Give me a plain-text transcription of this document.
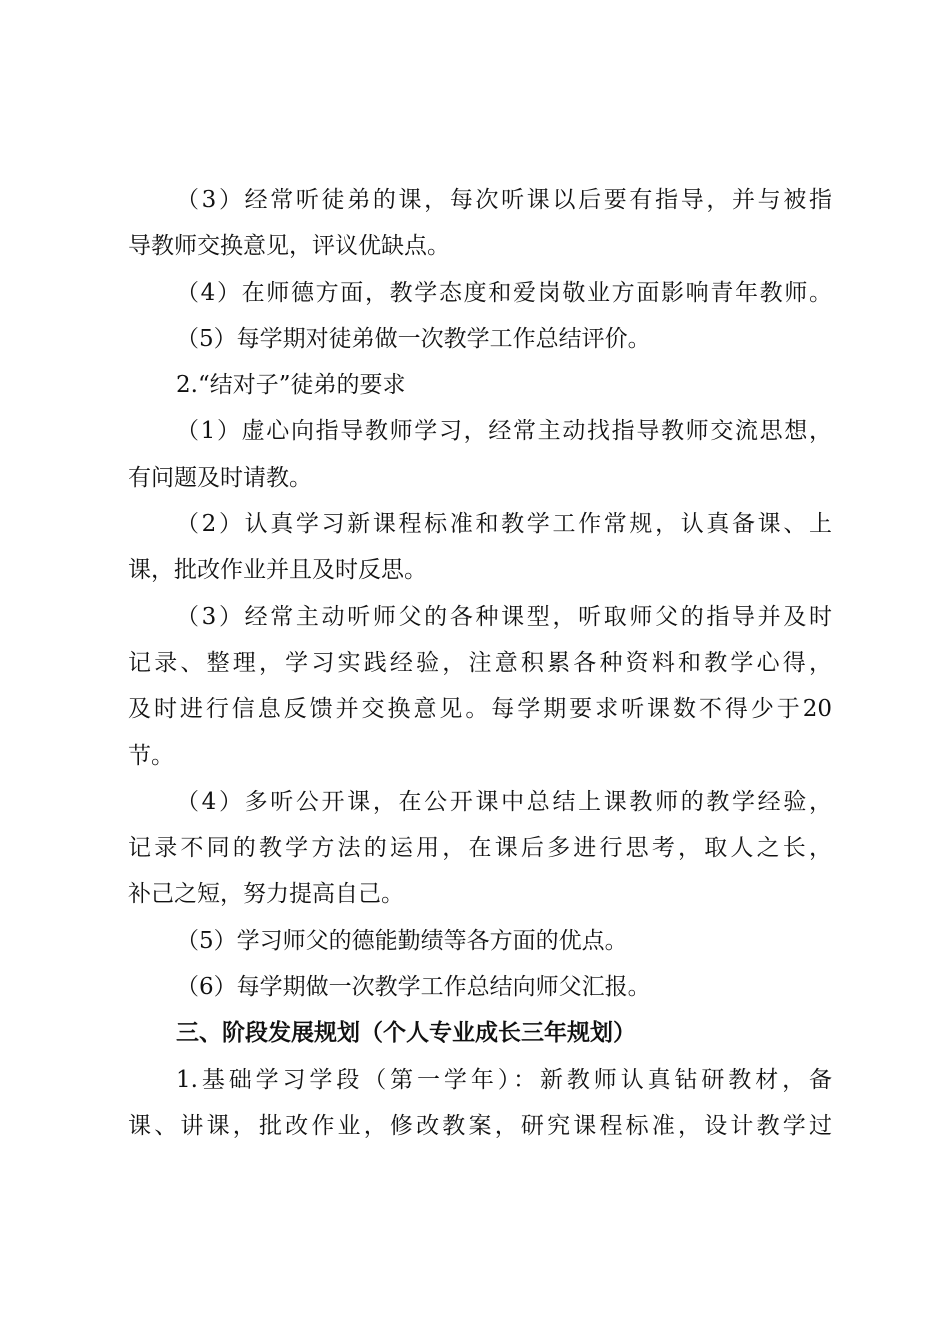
（3）经常听徒弟的课，每次听课以后要有指导，并与被指
导教师交换意见，评议优缺点。
（4）在师德方面，教学态度和爱岗敬业方面影响青年教师。
（5）每学期对徒弟做一次教学工作总结评价。
2.“结对子”徒弟的要求
（1）虚心向指导教师学习，经常主动找指导教师交流思想，
有问题及时请教。
（2）认真学习新课程标准和教学工作常规，认真备课、上
课，批改作业并且及时反思。
（3）经常主动听师父的各种课型，听取师父的指导并及时
记录、整理，学习实践经验，注意积累各种资料和教学心得，
及时进行信息反馈并交换意见。每学期要求听课数不得少于20
节。
（4）多听公开课，在公开课中总结上课教师的教学经验，
记录不同的教学方法的运用，在课后多进行思考，取人之长，
补己之短，努力提高自己。
（5）学习师父的德能勤绩等各方面的优点。
（6）每学期做一次教学工作总结向师父汇报。
三、阶段发展规划（个人专业成长三年规划）
1.基础学习学段（第一学年）：新教师认真钻研教材，备
课、讲课，批改作业，修改教案，研究课程标准，设计教学过
